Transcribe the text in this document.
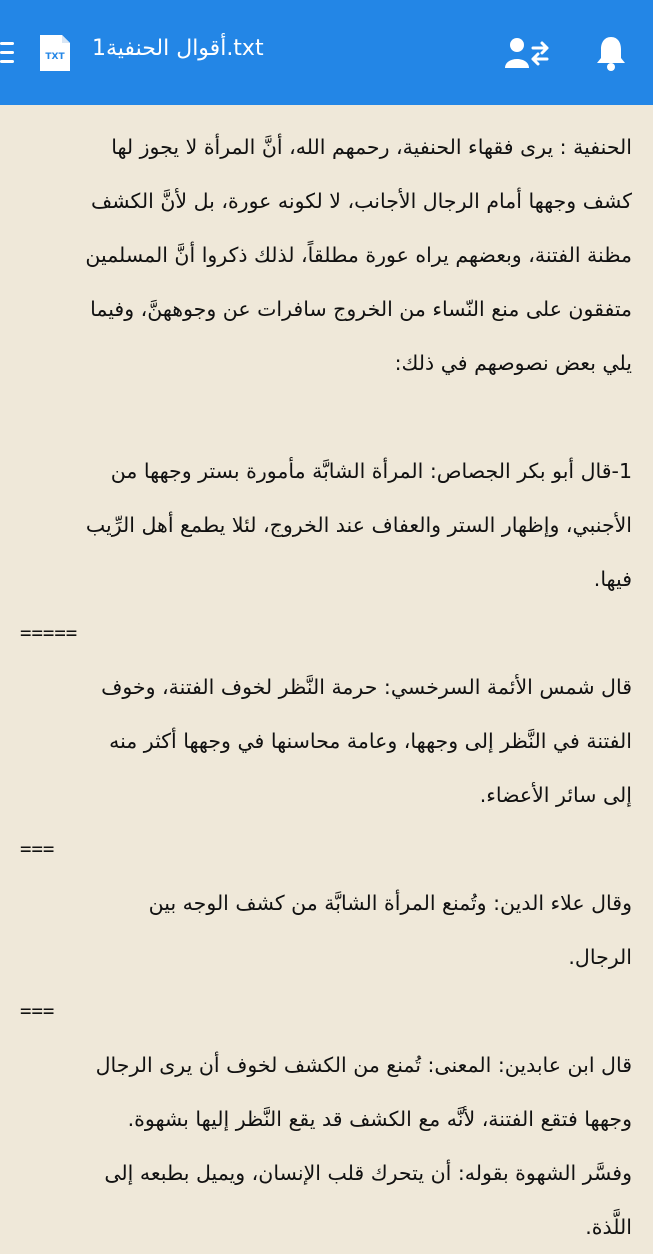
TXT أقوال الحنفية1.txt

الحنفية : يرى فقهاء الحنفية، رحمهم الله، أنَّ المرأة لا يجوز لها

كشف وجهها أمام الرجال الأجانب، لا لكونه عورة، بل لأنَّ الكشف

مظنة الفتنة، وبعضهم يراه عورة مطلقاً، لذلك ذكروا أنَّ المسلمين

متفقون على منع النّساء من الخروج سافرات عن وجوههنَّ، وفيما

يلي بعض نصوصهم في ذلك:

1-قال أبو بكر الجصاص: المرأة الشابَّة مأمورة بستر وجهها من

الأجنبي، وإظهار الستر والعفاف عند الخروج، لئلا يطمع أهل الرِّيب

فيها.

=====

قال شمس الأئمة السرخسي: حرمة النَّظر لخوف الفتنة، وخوف

الفتنة في النَّظر إلى وجهها، وعامة محاسنها في وجهها أكثر منه

إلى سائر الأعضاء.

===

وقال علاء الدين: وتُمنع المرأة الشابَّة من كشف الوجه بين

الرجال.

===

قال ابن عابدين: المعنى: تُمنع من الكشف لخوف أن يرى الرجال

وجهها فتقع الفتنة، لأنَّه مع الكشف قد يقع النَّظر إليها بشهوة.

وفسَّر الشهوة بقوله: أن يتحرك قلب الإنسان، ويميل بطبعه إلى

اللَّذة.
